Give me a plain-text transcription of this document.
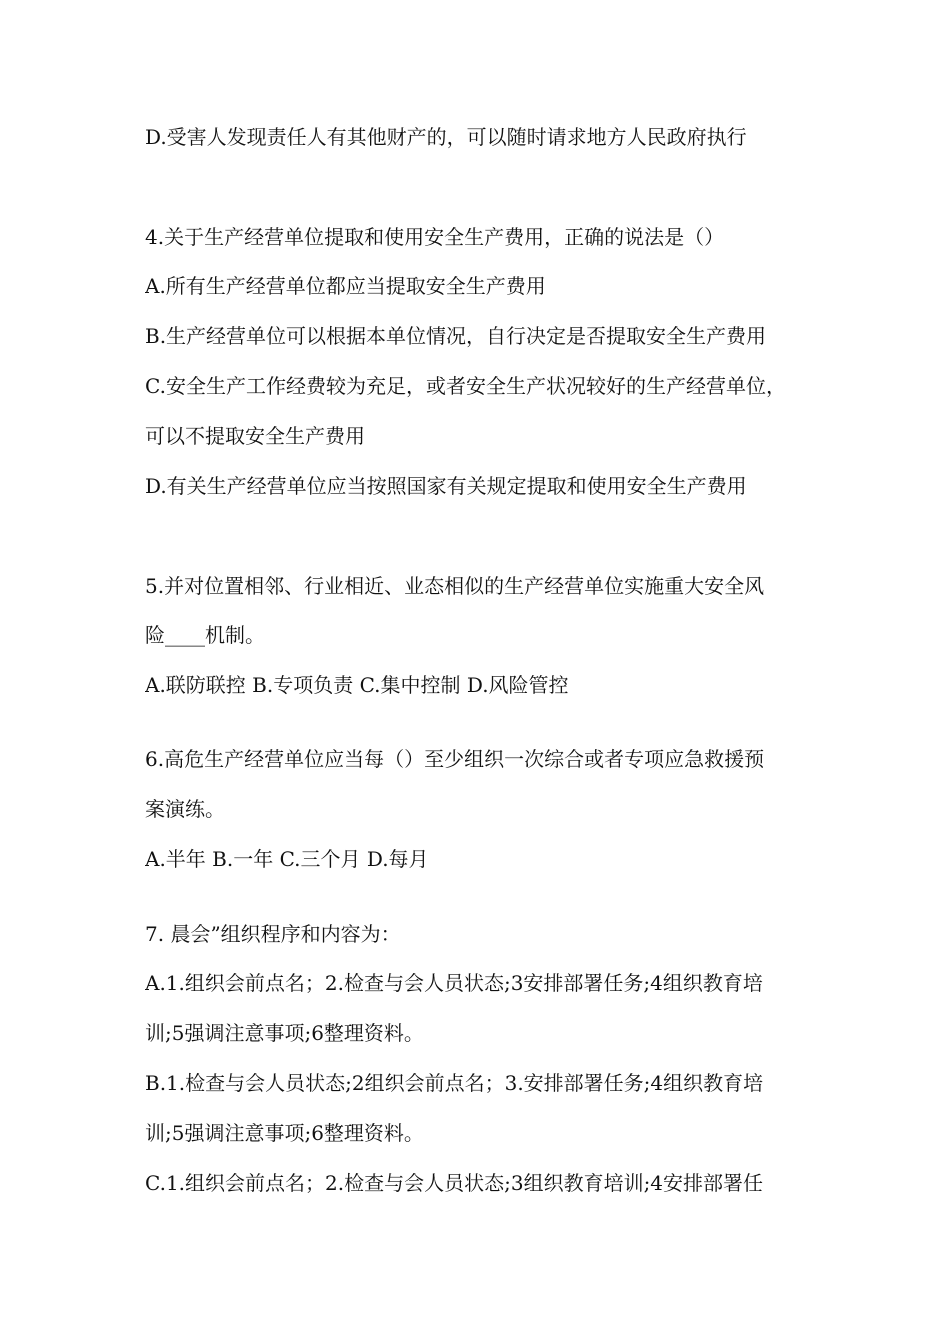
D.受害人发现责任人有其他财产的，可以随时请求地方人民政府执行
4.关于生产经营单位提取和使用安全生产费用，正确的说法是（）
A.所有生产经营单位都应当提取安全生产费用
B.生产经营单位可以根据本单位情况，自行决定是否提取安全生产费用
C.安全生产工作经费较为充足，或者安全生产状况较好的生产经营单位，
可以不提取安全生产费用
D.有关生产经营单位应当按照国家有关规定提取和使用安全生产费用
5.并对位置相邻、行业相近、业态相似的生产经营单位实施重大安全风
险____机制。
A.联防联控 B.专项负责 C.集中控制 D.风险管控
6.高危生产经营单位应当每（）至少组织一次综合或者专项应急救援预
案演练。
A.半年 B.一年 C.三个月 D.每月
7. 晨会”组织程序和内容为：
A.1.组织会前点名；2.检查与会人员状态;3安排部署任务;4组织教育培
训;5强调注意事项;6整理资料。
B.1.检查与会人员状态;2组织会前点名；3.安排部署任务;4组织教育培
训;5强调注意事项;6整理资料。
C.1.组织会前点名；2.检查与会人员状态;3组织教育培训;4安排部署任
